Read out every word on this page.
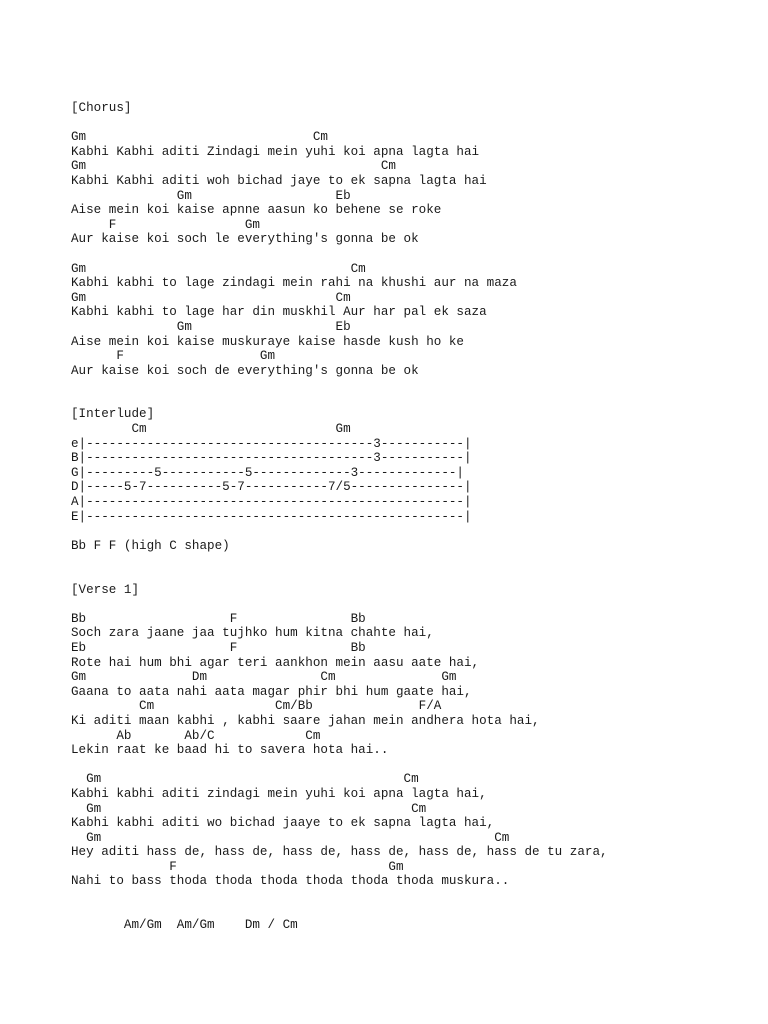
[Chorus]

Gm                              Cm
Kabhi Kabhi aditi Zindagi mein yuhi koi apna lagta hai
Gm                                       Cm
Kabhi Kabhi aditi woh bichad jaye to ek sapna lagta hai
Gm                   Eb
Aise mein koi kaise apnne aasun ko behene se roke
F                 Gm
Aur kaise koi soch le everything's gonna be ok

Gm                                   Cm
Kabhi kabhi to lage zindagi mein rahi na khushi aur na maza
Gm                                 Cm
Kabhi kabhi to lage har din muskhil Aur har pal ek saza
Gm                   Eb
Aise mein koi kaise muskuraye kaise hasde kush ho ke
F                  Gm
Aur kaise koi soch de everything's gonna be ok

[Interlude]
Cm                         Gm
e|--------------------------------------3-----------|
B|--------------------------------------3-----------|
G|---------5-----------5-------------3-------------|
D|-----5-7----------5-7-----------7/5---------------|
A|--------------------------------------------------|
E|--------------------------------------------------|

Bb F F (high C shape)

[Verse 1]

Bb                   F               Bb
Soch zara jaane jaa tujhko hum kitna chahte hai,
Eb                   F               Bb
Rote hai hum bhi agar teri aankhon mein aasu aate hai,
Gm              Dm               Cm              Gm
Gaana to aata nahi aata magar phir bhi hum gaate hai,
Cm                Cm/Bb              F/A
Ki aditi maan kabhi , kabhi saare jahan mein andhera hota hai,
Ab       Ab/C            Cm
Lekin raat ke baad hi to savera hota hai..

Gm                                        Cm
Kabhi kabhi aditi zindagi mein yuhi koi apna lagta hai,
Gm                                         Cm
Kabhi kabhi aditi wo bichad jaaye to ek sapna lagta hai,
Gm                                                    Cm
Hey aditi hass de, hass de, hass de, hass de, hass de, hass de tu zara,
F                            Gm
Nahi to bass thoda thoda thoda thoda thoda thoda muskura..

Am/Gm  Am/Gm    Dm / Cm
